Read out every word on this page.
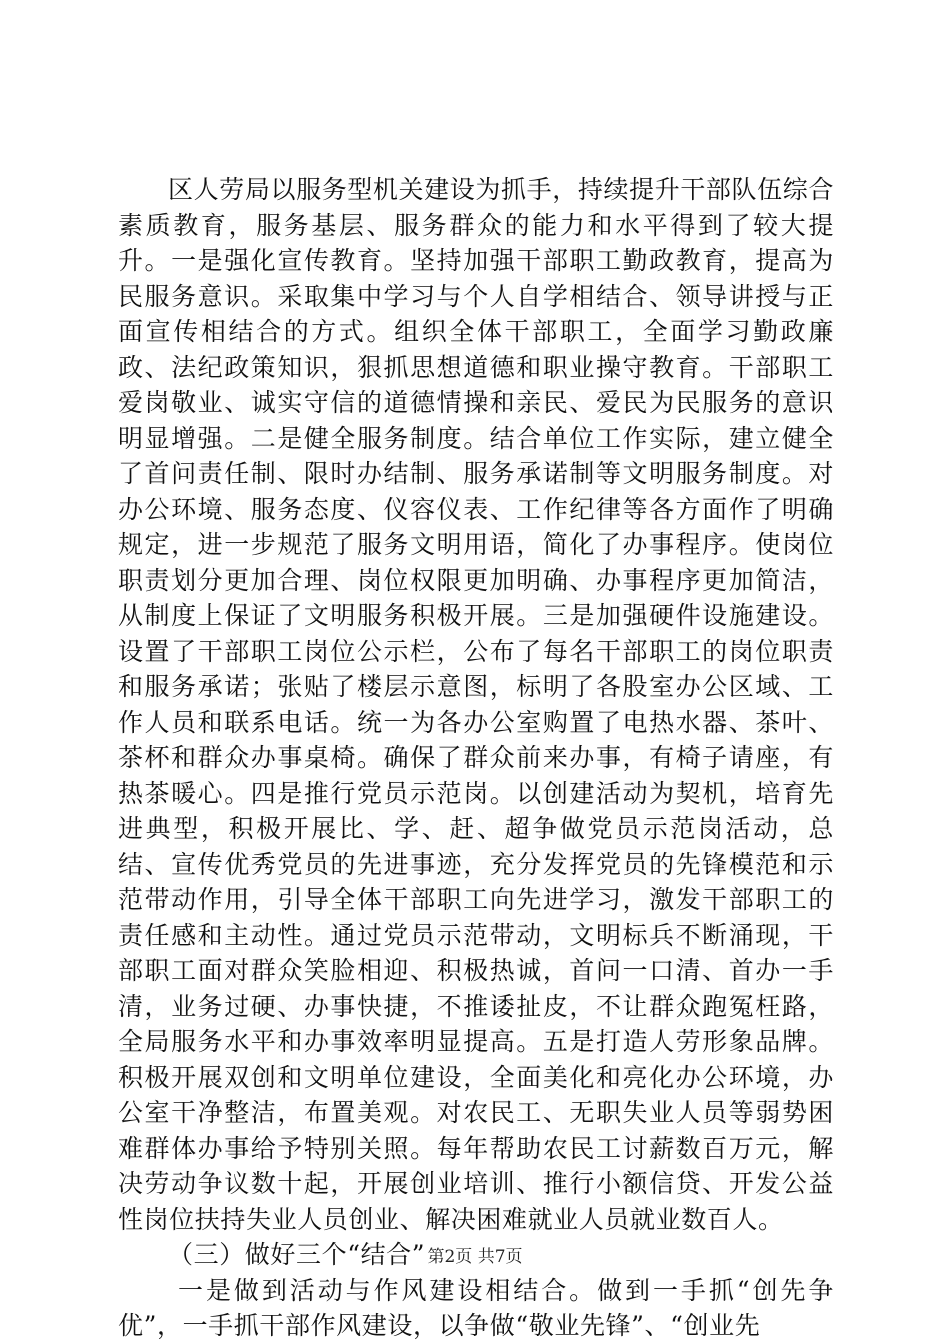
区人劳局以服务型机关建设为抓手，持续提升干部队伍综合素质教育，服务基层、服务群众的能力和水平得到了较大提升。一是强化宣传教育。坚持加强干部职工勤政教育，提高为民服务意识。采取集中学习与个人自学相结合、领导讲授与正面宣传相结合的方式。组织全体干部职工，全面学习勤政廉政、法纪政策知识，狠抓思想道德和职业操守教育。干部职工爱岗敬业、诚实守信的道德情操和亲民、爱民为民服务的意识明显增强。二是健全服务制度。结合单位工作实际，建立健全了首问责任制、限时办结制、服务承诺制等文明服务制度。对办公环境、服务态度、仪容仪表、工作纪律等各方面作了明确规定，进一步规范了服务文明用语，简化了办事程序。使岗位职责划分更加合理、岗位权限更加明确、办事程序更加简洁，从制度上保证了文明服务积极开展。三是加强硬件设施建设。设置了干部职工岗位公示栏，公布了每名干部职工的岗位职责和服务承诺；张贴了楼层示意图，标明了各股室办公区域、工作人员和联系电话。统一为各办公室购置了电热水器、茶叶、茶杯和群众办事桌椅。确保了群众前来办事，有椅子请座，有热茶暖心。四是推行党员示范岗。以创建活动为契机，培育先进典型，积极开展比、学、赶、超争做党员示范岗活动，总结、宣传优秀党员的先进事迹，充分发挥党员的先锋模范和示范带动作用，引导全体干部职工向先进学习，激发干部职工的责任感和主动性。通过党员示范带动，文明标兵不断涌现，干部职工面对群众笑脸相迎、积极热诚，首问一口清、首办一手清，业务过硬、办事快捷，不推诿扯皮，不让群众跑冤枉路，全局服务水平和办事效率明显提高。五是打造人劳形象品牌。积极开展双创和文明单位建设，全面美化和亮化办公环境，办公室干净整洁，布置美观。对农民工、无职失业人员等弱势困难群体办事给予特别关照。每年帮助农民工讨薪数百万元，解决劳动争议数十起，开展创业培训、推行小额信贷、开发公益性岗位扶持失业人员创业、解决困难就业人员就业数百人。

（三）做好三个“结合”

一是做到活动与作风建设相结合。做到一手抓“创先争优”，一手抓干部作风建设，以争做“敬业先锋”、“创业先

第2页 共7页
